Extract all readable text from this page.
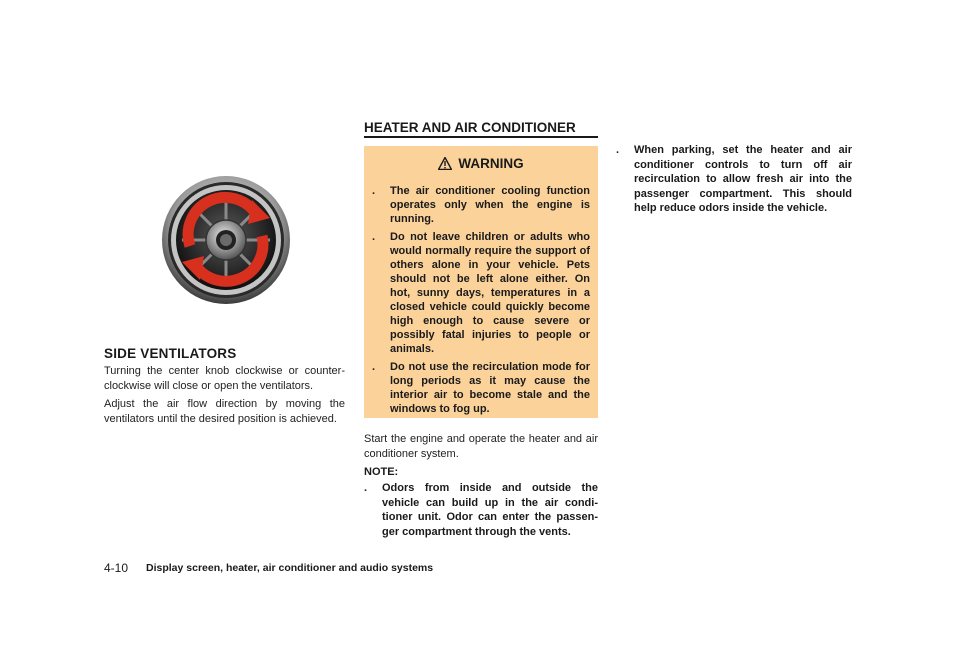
SIDE VENTILATORS
Turning the center knob clockwise or counter-clockwise will close or open the ventilators.
Adjust the air flow direction by moving the ventilators until the desired position is achieved.
HEATER AND AIR CONDITIONER
WARNING
. The air conditioner cooling function operates only when the engine is running.
. Do not leave children or adults who would normally require the support of others alone in your vehicle. Pets should not be left alone either. On hot, sunny days, temperatures in a closed vehicle could quickly become high enough to cause severe or possibly fatal injuries to people or animals.
. Do not use the recirculation mode for long periods as it may cause the interior air to become stale and the windows to fog up.
Start the engine and operate the heater and air conditioner system.
NOTE:
. Odors from inside and outside the vehicle can build up in the air condi-tioner unit. Odor can enter the passen-ger compartment through the vents.
. When parking, set the heater and air conditioner controls to turn off air recirculation to allow fresh air into the passenger compartment. This should help reduce odors inside the vehicle.
4-10 Display screen, heater, air conditioner and audio systems
